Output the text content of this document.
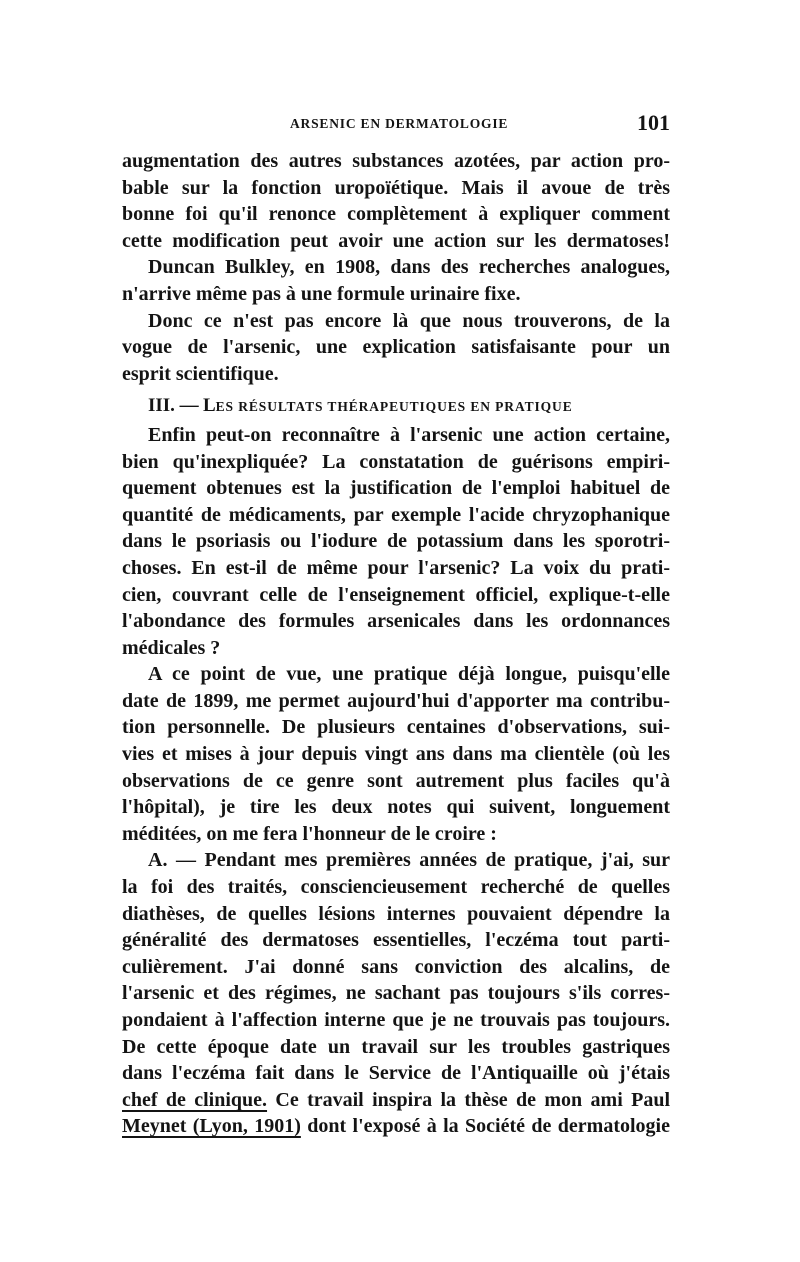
ARSENIC EN DERMATOLOGIE	101
augmentation des autres substances azotées, par action pro-
bable sur la fonction uropoïétique. Mais il avoue de très
bonne foi qu'il renonce complètement à expliquer comment
cette modification peut avoir une action sur les dermatoses!
Duncan Bulkley, en 1908, dans des recherches analogues,
n'arrive même pas à une formule urinaire fixe.
Donc ce n'est pas encore là que nous trouverons, de la
vogue de l'arsenic, une explication satisfaisante pour un
esprit scientifique.
III. — LES RÉSULTATS THÉRAPEUTIQUES EN PRATIQUE
Enfin peut-on reconnaître à l'arsenic une action certaine,
bien qu'inexpliquée? La constatation de guérisons empiri-
quement obtenues est la justification de l'emploi habituel de
quantité de médicaments, par exemple l'acide chryzophanique
dans le psoriasis ou l'iodure de potassium dans les sporotri-
choses. En est-il de même pour l'arsenic? La voix du prati-
cien, couvrant celle de l'enseignement officiel, explique-t-elle
l'abondance des formules arsenicales dans les ordonnances
médicales ?
A ce point de vue, une pratique déjà longue, puisqu'elle
date de 1899, me permet aujourd'hui d'apporter ma contribu-
tion personnelle. De plusieurs centaines d'observations, sui-
vies et mises à jour depuis vingt ans dans ma clientèle (où les
observations de ce genre sont autrement plus faciles qu'à
l'hôpital), je tire les deux notes qui suivent, longuement
méditées, on me fera l'honneur de le croire :
A. — Pendant mes premières années de pratique, j'ai, sur
la foi des traités, consciencieusement recherché de quelles
diathèses, de quelles lésions internes pouvaient dépendre la
généralité des dermatoses essentielles, l'eczéma tout parti-
culièrement. J'ai donné sans conviction des alcalins, de
l'arsenic et des régimes, ne sachant pas toujours s'ils corres-
pondaient à l'affection interne que je ne trouvais pas toujours.
De cette époque date un travail sur les troubles gastriques
dans l'eczéma fait dans le Service de l'Antiquaille où j'étais
chef de clinique. Ce travail inspira la thèse de mon ami Paul
Meynet (Lyon, 1901) dont l'exposé à la Société de dermatologie
